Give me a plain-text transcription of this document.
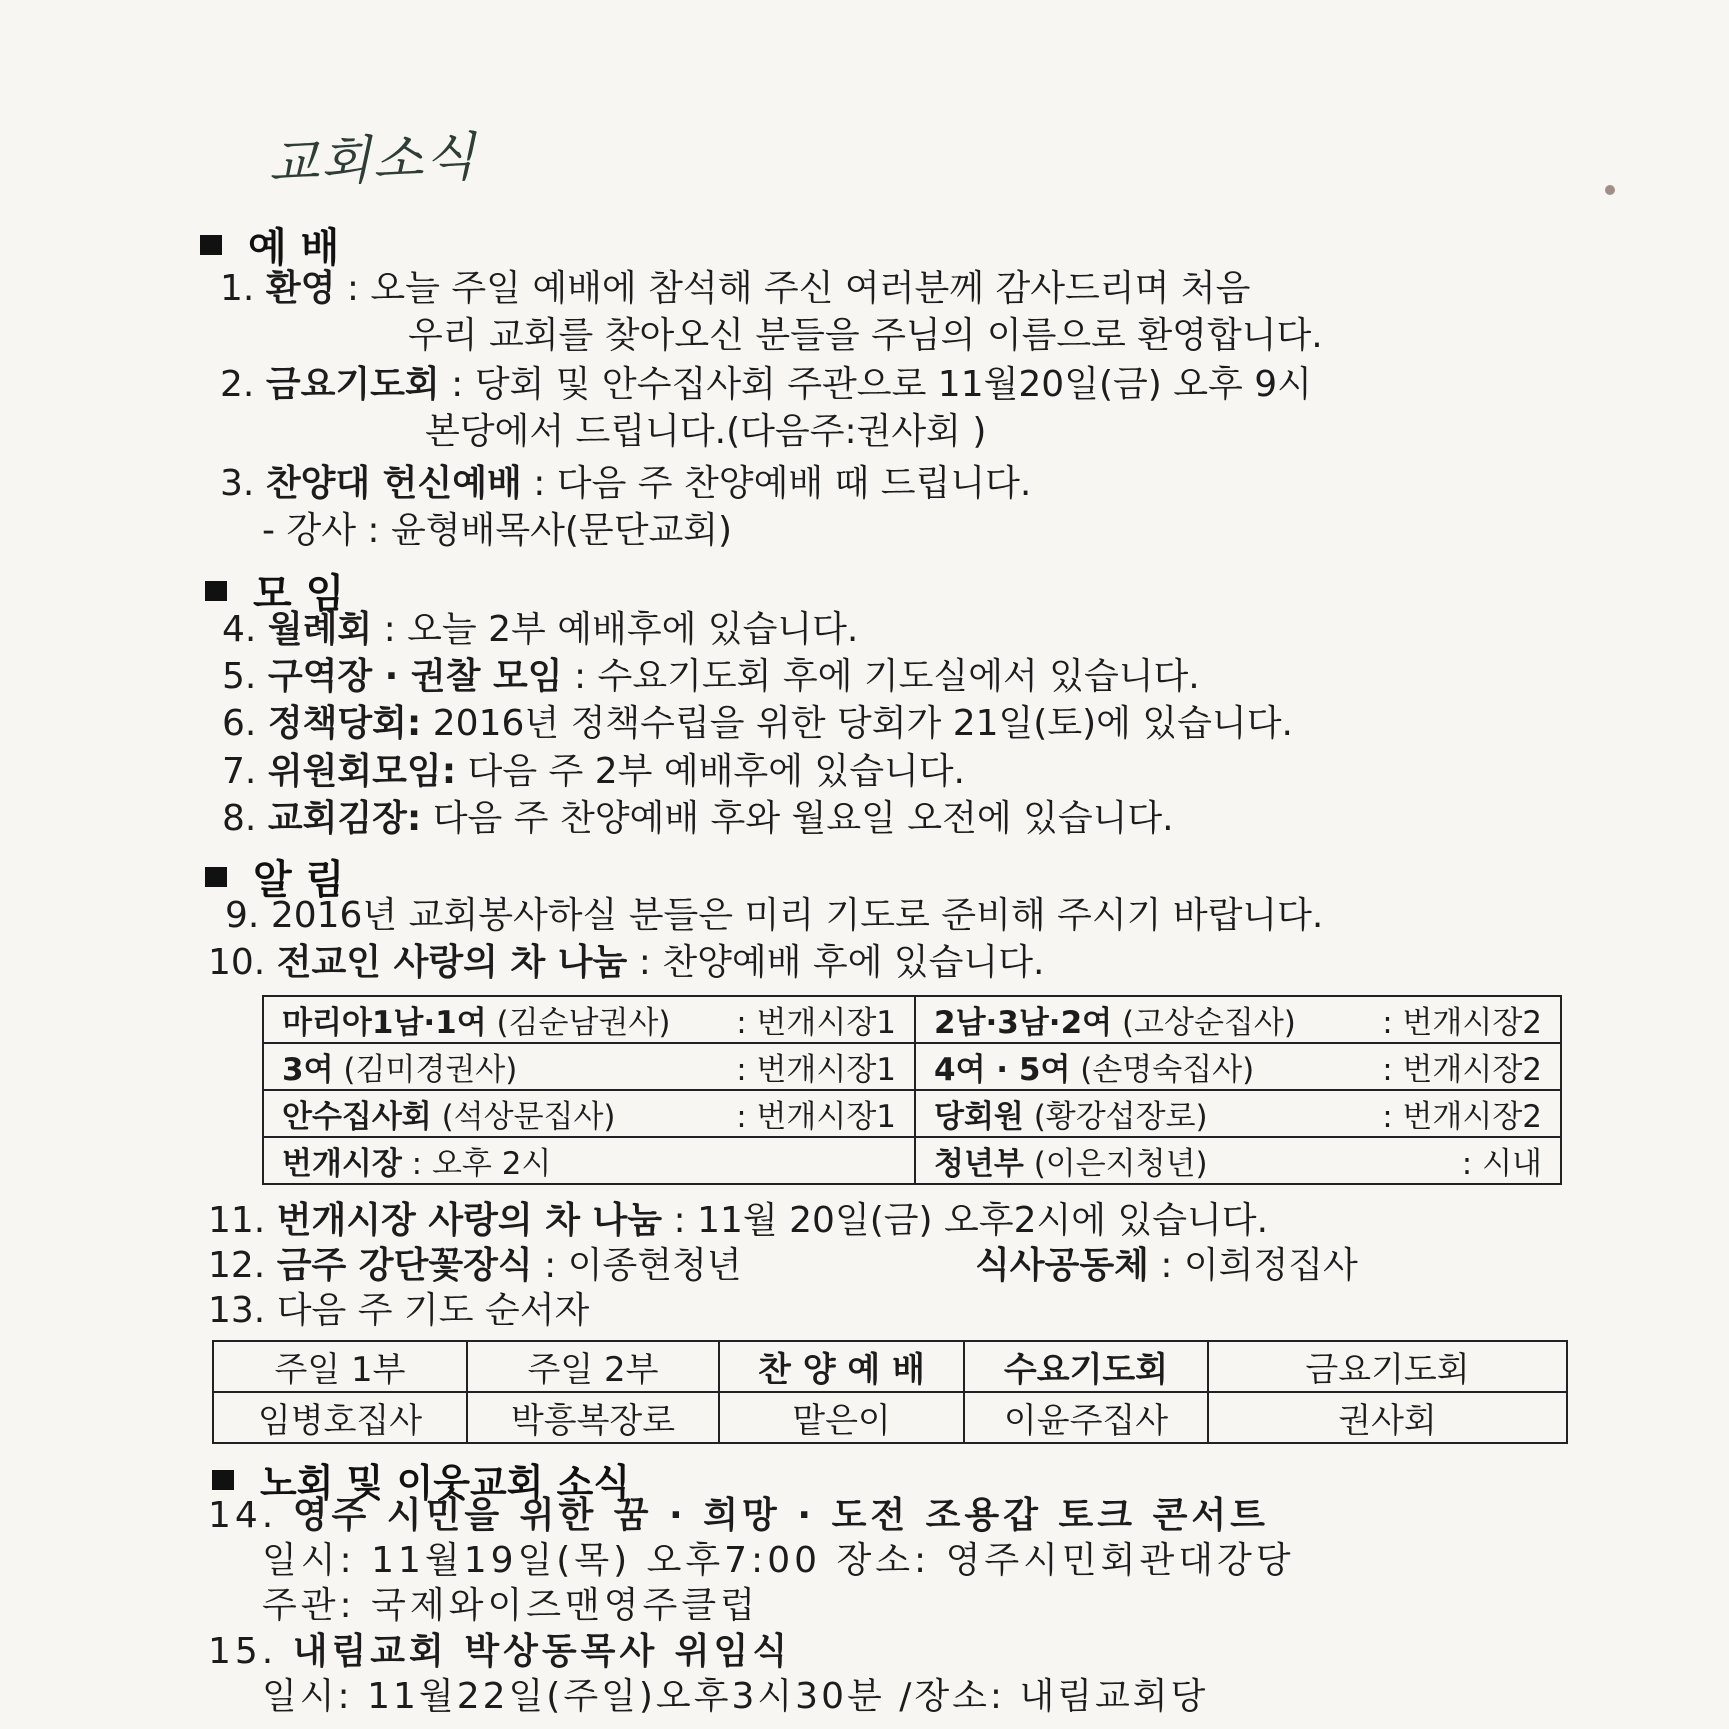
교회소식
예 배
1. 환영 : 오늘 주일 예배에 참석해 주신 여러분께 감사드리며 처음
우리 교회를 찾아오신 분들을 주님의 이름으로 환영합니다.
2. 금요기도회 : 당회 및 안수집사회 주관으로 11월20일(금) 오후 9시
본당에서 드립니다.(다음주:권사회 )
3. 찬양대 헌신예배 : 다음 주 찬양예배 때 드립니다.
- 강사 : 윤형배목사(문단교회)
모 임
4. 월례회 : 오늘 2부 예배후에 있습니다.
5. 구역장 · 권찰 모임 : 수요기도회 후에 기도실에서 있습니다.
6. 정책당회: 2016년 정책수립을 위한 당회가 21일(토)에 있습니다.
7. 위원회모임: 다음 주 2부 예배후에 있습니다.
8. 교회김장: 다음 주 찬양예배 후와 월요일 오전에 있습니다.
알 림
9. 2016년 교회봉사하실 분들은 미리 기도로 준비해 주시기 바랍니다.
10. 전교인 사랑의 차 나눔 : 찬양예배 후에 있습니다.
마리아1남·1여 (김순남권사) : 번개시장1	2남·3남·2여 (고상순집사) : 번개시장2

3여 (김미경권사) : 번개시장1	4여 · 5여 (손명숙집사) : 번개시장2

안수집사회 (석상문집사) : 번개시장1	당회원 (황강섭장로) : 번개시장2

번개시장 : 오후 2시	청년부 (이은지청년) : 시내
11. 번개시장 사랑의 차 나눔 : 11월 20일(금) 오후2시에 있습니다.
12. 금주 강단꽃장식 : 이종현청년	식사공동체 : 이희정집사
13. 다음 주 기도 순서자
주일 1부	주일 2부	찬 양 예 배	수요기도회	금요기도회
임병호집사	박흥복장로	맡은이	이윤주집사	권사회
노회 및 이웃교회 소식
14. 영주 시민을 위한 꿈 · 희망 · 도전 조용갑 토크 콘서트
일시: 11월19일(목) 오후7:00 장소: 영주시민회관대강당
주관: 국제와이즈맨영주클럽
15. 내림교회 박상동목사 위임식
일시: 11월22일(주일)오후3시30분 /장소: 내림교회당
